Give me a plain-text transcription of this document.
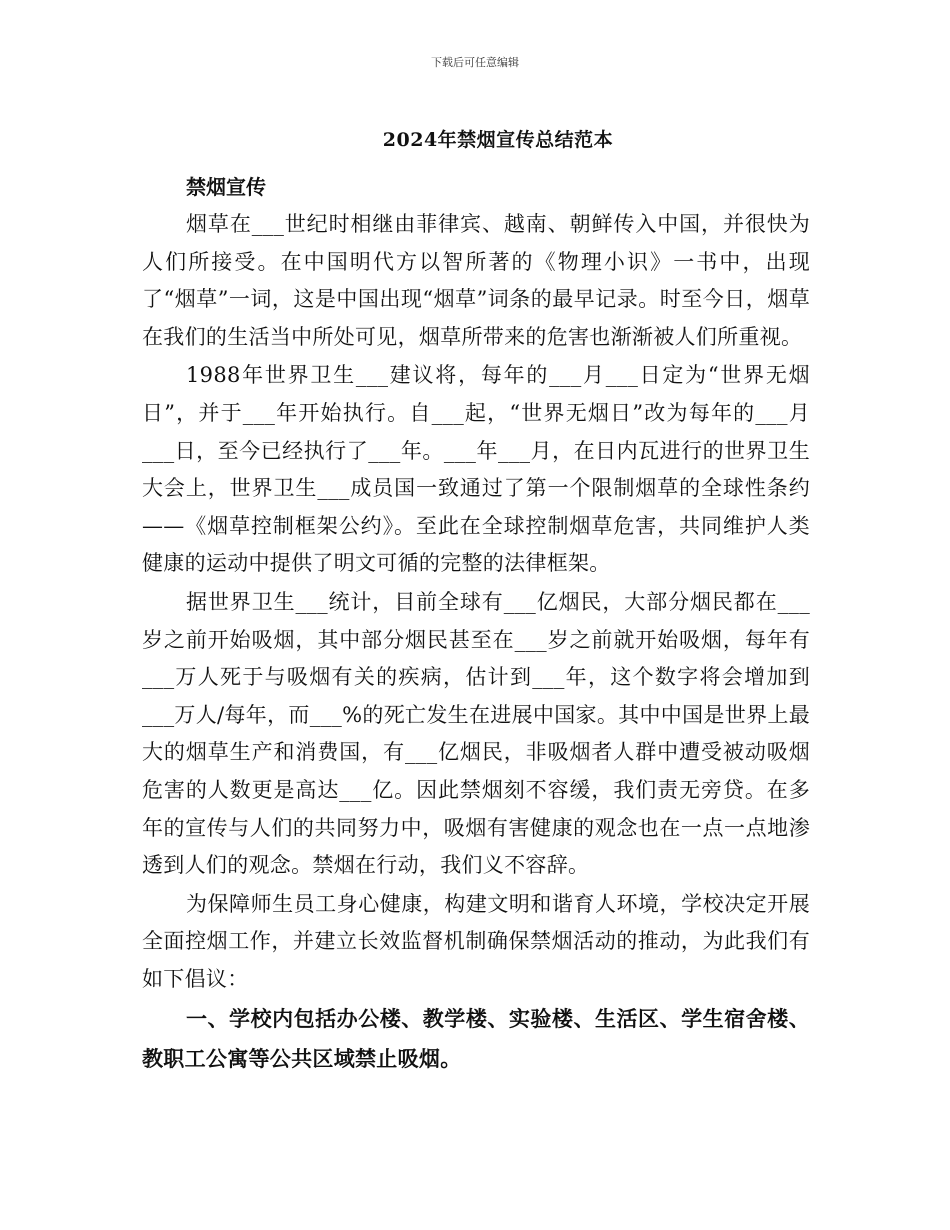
下载后可任意编辑
2024年禁烟宣传总结范本

禁烟宣传

烟草在___世纪时相继由菲律宾、越南、朝鲜传入中国，并很快为人们所接受。在中国明代方以智所著的《物理小识》一书中，出现了“烟草”一词，这是中国出现“烟草”词条的最早记录。时至今日，烟草在我们的生活当中所处可见，烟草所带来的危害也渐渐被人们所重视。

1988年世界卫生___建议将，每年的___月___日定为“世界无烟日”，并于___年开始执行。自___起，“世界无烟日”改为每年的___月___日，至今已经执行了___年。___年___月，在日内瓦进行的世界卫生大会上，世界卫生___成员国一致通过了第一个限制烟草的全球性条约——《烟草控制框架公约》。至此在全球控制烟草危害，共同维护人类健康的运动中提供了明文可循的完整的法律框架。

据世界卫生___统计，目前全球有___亿烟民，大部分烟民都在___岁之前开始吸烟，其中部分烟民甚至在___岁之前就开始吸烟，每年有___万人死于与吸烟有关的疾病，估计到___年，这个数字将会增加到___万人/每年，而___%的死亡发生在进展中国家。其中中国是世界上最大的烟草生产和消费国，有___亿烟民，非吸烟者人群中遭受被动吸烟危害的人数更是高达___亿。因此禁烟刻不容缓，我们责无旁贷。在多年的宣传与人们的共同努力中，吸烟有害健康的观念也在一点一点地渗透到人们的观念。禁烟在行动，我们义不容辞。

为保障师生员工身心健康，构建文明和谐育人环境，学校决定开展全面控烟工作，并建立长效监督机制确保禁烟活动的推动，为此我们有如下倡议：

一、学校内包括办公楼、教学楼、实验楼、生活区、学生宿舍楼、教职工公寓等公共区域禁止吸烟。
